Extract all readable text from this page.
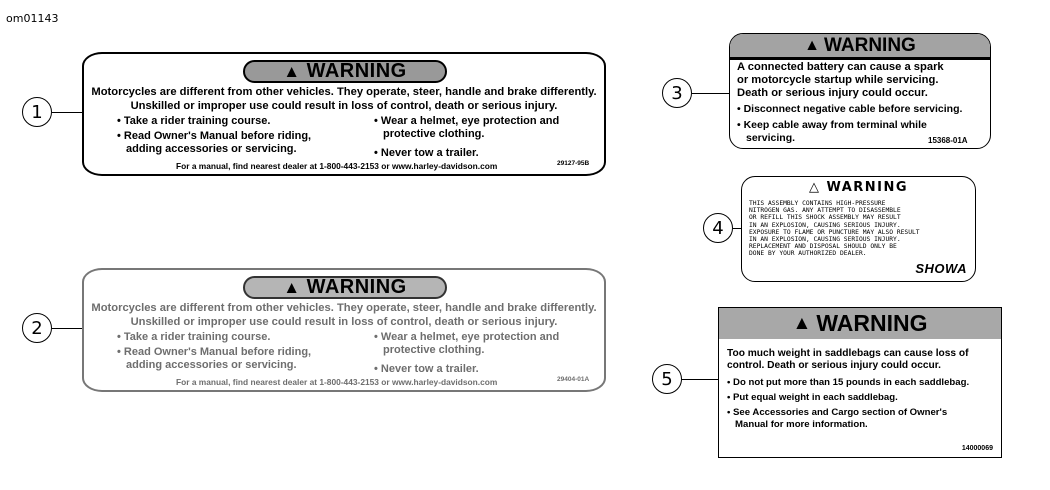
om01143
1
▲ WARNING
Motorcycles are different from other vehicles. They operate, steer, handle and brake differently.
Unskilled or improper use could result in loss of control, death or serious injury.
• Take a rider training course.
• Read Owner's Manual before riding,
adding accessories or servicing.
• Wear a helmet, eye protection and
protective clothing.
• Never tow a trailer.
For a manual, find nearest dealer at 1-800-443-2153 or www.harley-davidson.com	29127-95B
2
▲ WARNING
Motorcycles are different from other vehicles. They operate, steer, handle and brake differently.
Unskilled or improper use could result in loss of control, death or serious injury.
• Take a rider training course.
• Read Owner's Manual before riding,
adding accessories or servicing.
• Wear a helmet, eye protection and
protective clothing.
• Never tow a trailer.
For a manual, find nearest dealer at 1-800-443-2153 or www.harley-davidson.com	29404-01A
3
▲ WARNING
A connected battery can cause a spark
or motorcycle startup while servicing.
Death or serious injury could occur.
• Disconnect negative cable before servicing.
• Keep cable away from terminal while
servicing.	15368-01A
4
△ WARNING
THIS ASSEMBLY CONTAINS HIGH-PRESSURE
NITROGEN GAS. ANY ATTEMPT TO DISASSEMBLE
OR REFILL THIS SHOCK ASSEMBLY MAY RESULT
IN AN EXPLOSION, CAUSING SERIOUS INJURY.
EXPOSURE TO FLAME OR PUNCTURE MAY ALSO RESULT
IN AN EXPLOSION, CAUSING SERIOUS INJURY.
REPLACEMENT AND DISPOSAL SHOULD ONLY BE
DONE BY YOUR AUTHORIZED DEALER.
SHOWA
5
▲ WARNING
Too much weight in saddlebags can cause loss of
control. Death or serious injury could occur.
• Do not put more than 15 pounds in each saddlebag.
• Put equal weight in each saddlebag.
• See Accessories and Cargo section of Owner's
Manual for more information.
14000069
